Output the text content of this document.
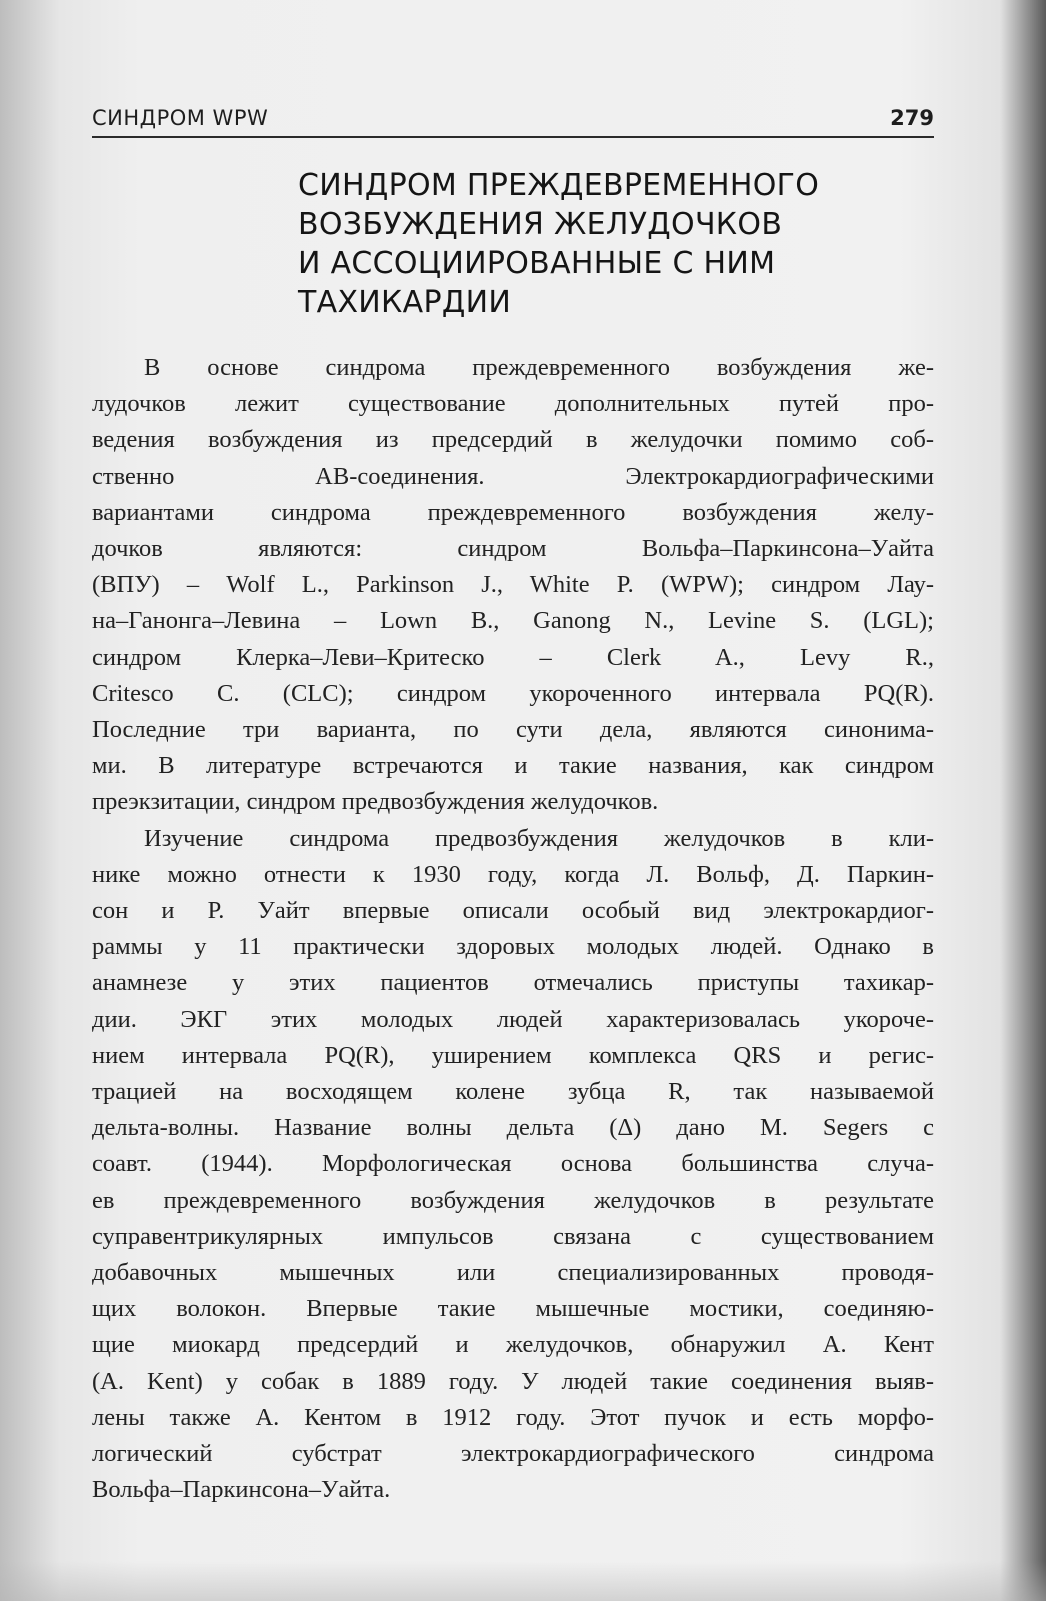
СИНДРОМ WPW	279
СИНДРОМ ПРЕЖДЕВРЕМЕННОГО
ВОЗБУЖДЕНИЯ ЖЕЛУДОЧКОВ
И АССОЦИИРОВАННЫЕ С НИМ
ТАХИКАРДИИ

В основе синдрома преждевременного возбуждения же-
лудочков лежит существование дополнительных путей про-
ведения возбуждения из предсердий в желудочки помимо соб-
ственно АВ-соединения. Электрокардиографическими
вариантами синдрома преждевременного возбуждения желу-
дочков являются: синдром Вольфа–Паркинсона–Уайта
(ВПУ) – Wolf L., Parkinson J., White P. (WPW); синдром Лау-
на–Ганонга–Левина – Lown B., Ganong N., Levine S. (LGL);
синдром Клерка–Леви–Критеско – Clerk A., Levy R.,
Critesco C. (CLC); синдром укороченного интервала PQ(R).
Последние три варианта, по сути дела, являются синонима-
ми. В литературе встречаются и такие названия, как синдром
преэкзитации, синдром предвозбуждения желудочков.

Изучение синдрома предвозбуждения желудочков в кли-
нике можно отнести к 1930 году, когда Л. Вольф, Д. Паркин-
сон и Р. Уайт впервые описали особый вид электрокардиог-
раммы у 11 практически здоровых молодых людей. Однако в
анамнезе у этих пациентов отмечались приступы тахикар-
дии. ЭКГ этих молодых людей характеризовалась укороче-
нием интервала PQ(R), уширением комплекса QRS и регис-
трацией на восходящем колене зубца R, так называемой
дельта-волны. Название волны дельта (Δ) дано M. Segers с
соавт. (1944). Морфологическая основа большинства случа-
ев преждевременного возбуждения желудочков в результате
суправентрикулярных импульсов связана с существованием
добавочных мышечных или специализированных проводя-
щих волокон. Впервые такие мышечные мостики, соединяю-
щие миокард предсердий и желудочков, обнаружил А. Кент
(A. Kent) у собак в 1889 году. У людей такие соединения выяв-
лены также А. Кентом в 1912 году. Этот пучок и есть морфо-
логический субстрат электрокардиографического синдрома
Вольфа–Паркинсона–Уайта.
